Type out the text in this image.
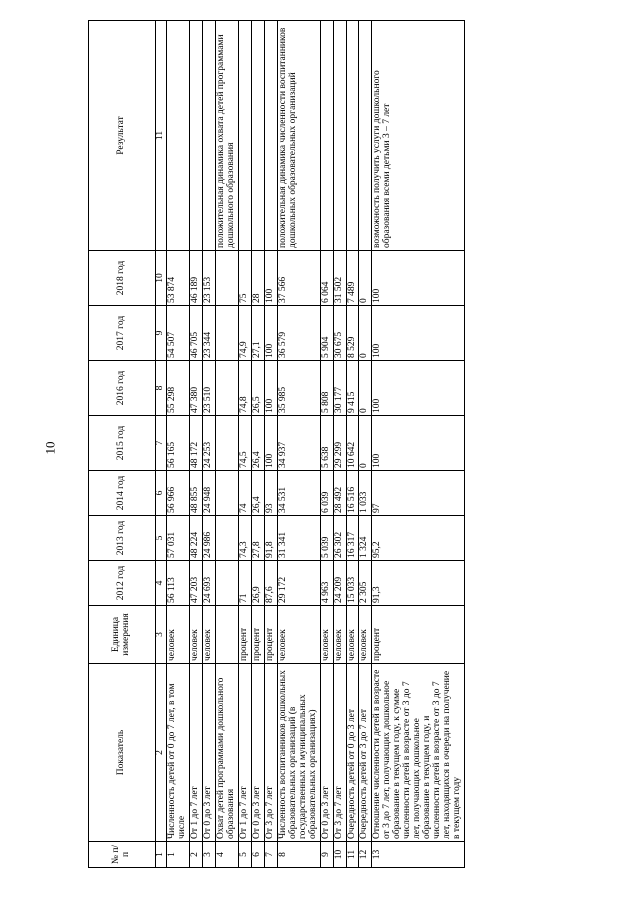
10
№ п/п	Показатель	Единица измерения	2012 год	2013 год	2014 год	2015 год	2016 год	2017 год	2018 год	Результат
1	2	3	4	5	6	7	8	9	10	11
1	Численность детей от 0 до 7 лет, в том числе	человек	56 113	57 031	56 966	56 165	55 298	54 507	53 874	
2	От 1 до 7 лет	человек	47 203	48 224	48 855	48 172	47 380	46 705	46 189	
3	От 0 до 3 лет	человек	24 693	24 986	24 948	24 253	23 510	23 344	23 153	
4	Охват детей программами дошкольного образования									положительная динамика охвата детей программами дошкольного образования
5	От 1 до 7 лет	процент	71	74,3	74	74,5	74,8	74,9	75	
6	От 0 до 3 лет	процент	26,9	27,8	26,4	26,4	26,5	27,1	28	
7	От 3 до 7 лет	процент	87,6	91,8	93	100	100	100	100	
8	Численность воспитанников дошкольных образовательных организаций (в государственных и муниципальных образовательных организациях)	человек	29 172	31 341	34 531	34 937	35 985	36 579	37 566	положительная динамика численности воспитанников дошкольных образовательных организаций
9	От 0 до 3 лет	человек	4 963	5 039	6 039	5 638	5 808	5 904	6 064	
10	От 3 до 7 лет	человек	24 209	26 302	28 492	29 299	30 177	30 675	31 502	
11	Очередность детей от 0 до 3 лет	человек	15 033	16 317	16 516	10 642	9 415	8 529	7 489	
12	Очередность детей от 3 до 7 лет	человек	2 305	1 324	1 033	0	0	0	0	
13	Отношение численности детей в возрасте от 3 до 7 лет, получающих дошкольное образование в текущем году, к сумме численности детей в возрасте от 3 до 7 лет, получающих дошкольное образование в текущем году, и численности детей в возрасте от 3 до 7 лет, находящихся в очереди на получение в текущем году	процент	91,3	95,2	97	100	100	100	100	возможность получить услуги дошкольного образования всеми детьми 3 – 7 лет
